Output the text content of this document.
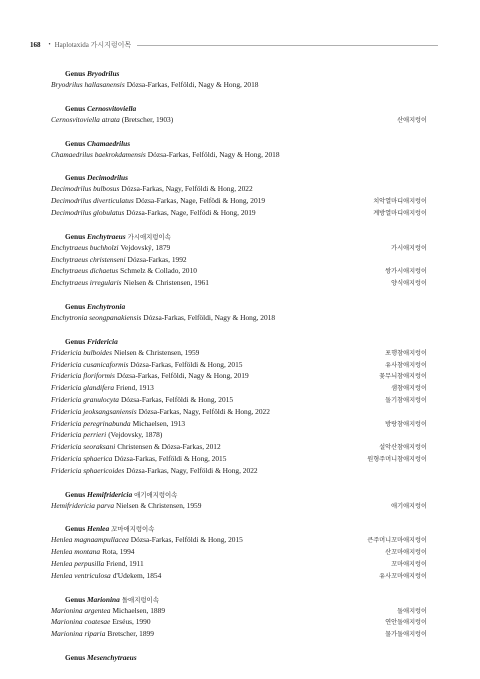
168 • Haplotaxida 가시지렁이목
Genus Bryodrilus
Bryodrilus hallasanensis Dózsa-Farkas, Felföldi, Nagy & Hong, 2018
Genus Cernosvitoviella
Cernosvitoviella atrata (Bretscher, 1903)	산애지렁이
Genus Chamaedrilus
Chamaedrilus baekrokdamensis Dózsa-Farkas, Felföldi, Nagy & Hong, 2018
Genus Decimodrilus
Decimodrilus bulbosus Dózsa-Farkas, Nagy, Felföldi & Hong, 2022
Decimodrilus diverticulatus Dózsa-Farkas, Nage, Felfödi & Hong, 2019	치악열마디애지렁이
Decimodrilus globulatus Dózsa-Farkas, Nage, Felfödi & Hong, 2019	계방열마디애지렁이
Genus Enchytraeus 가시애지렁이속
Enchytraeus buchholzi Vejdovský, 1879	가시애지렁이
Enchytraeus christenseni Dózsa-Farkas, 1992
Enchytraeus dichaetus Schmelz & Collado, 2010	쌍가시애지렁이
Enchytraeus irregularis Nielsen & Christensen, 1961	양식애지렁이
Genus Enchytronia
Enchytronia seongpanakiensis Dózsa-Farkas, Felföldi, Nagy & Hong, 2018
Genus Fridericia
Fridericia bulboides Nielsen & Christensen, 1959	포행참애지렁이
Fridericia cusanicaformis Dózsa-Farkas, Felföldi & Hong, 2015	유사참애지렁이
Fridericia floriformis Dózsa-Farkas, Felföldi, Nagy & Hong, 2019	꽃무늬참애지렁이
Fridericia glandifera Friend, 1913	샘참애지렁이
Fridericia granulocyta Dózsa-Farkas, Felföldi & Hong, 2015	돌기참애지렁이
Fridericia jeoksangsaniensis Dózsa-Farkas, Nagy, Felföldi & Hong, 2022
Fridericia peregrinabunda Michaelsen, 1913	방랑참애지렁이
Fridericia perrieri (Vejdovsky, 1878)
Fridericia seoraksani Christensen & Dózsa-Farkas, 2012	설악산참애지렁이
Fridericia sphaerica Dózsa-Farkas, Felföldi & Hong, 2015	원형주머니참애지렁이
Fridericia sphaericoides Dózsa-Farkas, Nagy, Felföldi & Hong, 2022
Genus Hemifridericia 애기애지렁이속
Hemifridericia parva Nielsen & Christensen, 1959	애기애지렁이
Genus Henlea 꼬마애지렁이속
Henlea magnaampullacea Dózsa-Farkas, Felföldi & Hong, 2015	큰주머니꼬마애지렁이
Henlea montana Rota, 1994	산꼬마애지렁이
Henlea perpusilla Friend, 1911	꼬마애지렁이
Henlea ventriculosa d'Udekem, 1854	유사꼬마애지렁이
Genus Marionina 돌애지렁이속
Marionina argentea Michaelsen, 1889	돌애지렁이
Marionina coatesae Erséus, 1990	연안돌애지렁이
Marionina riparia Bretscher, 1899	물가돌애지렁이
Genus Mesenchytraeus
